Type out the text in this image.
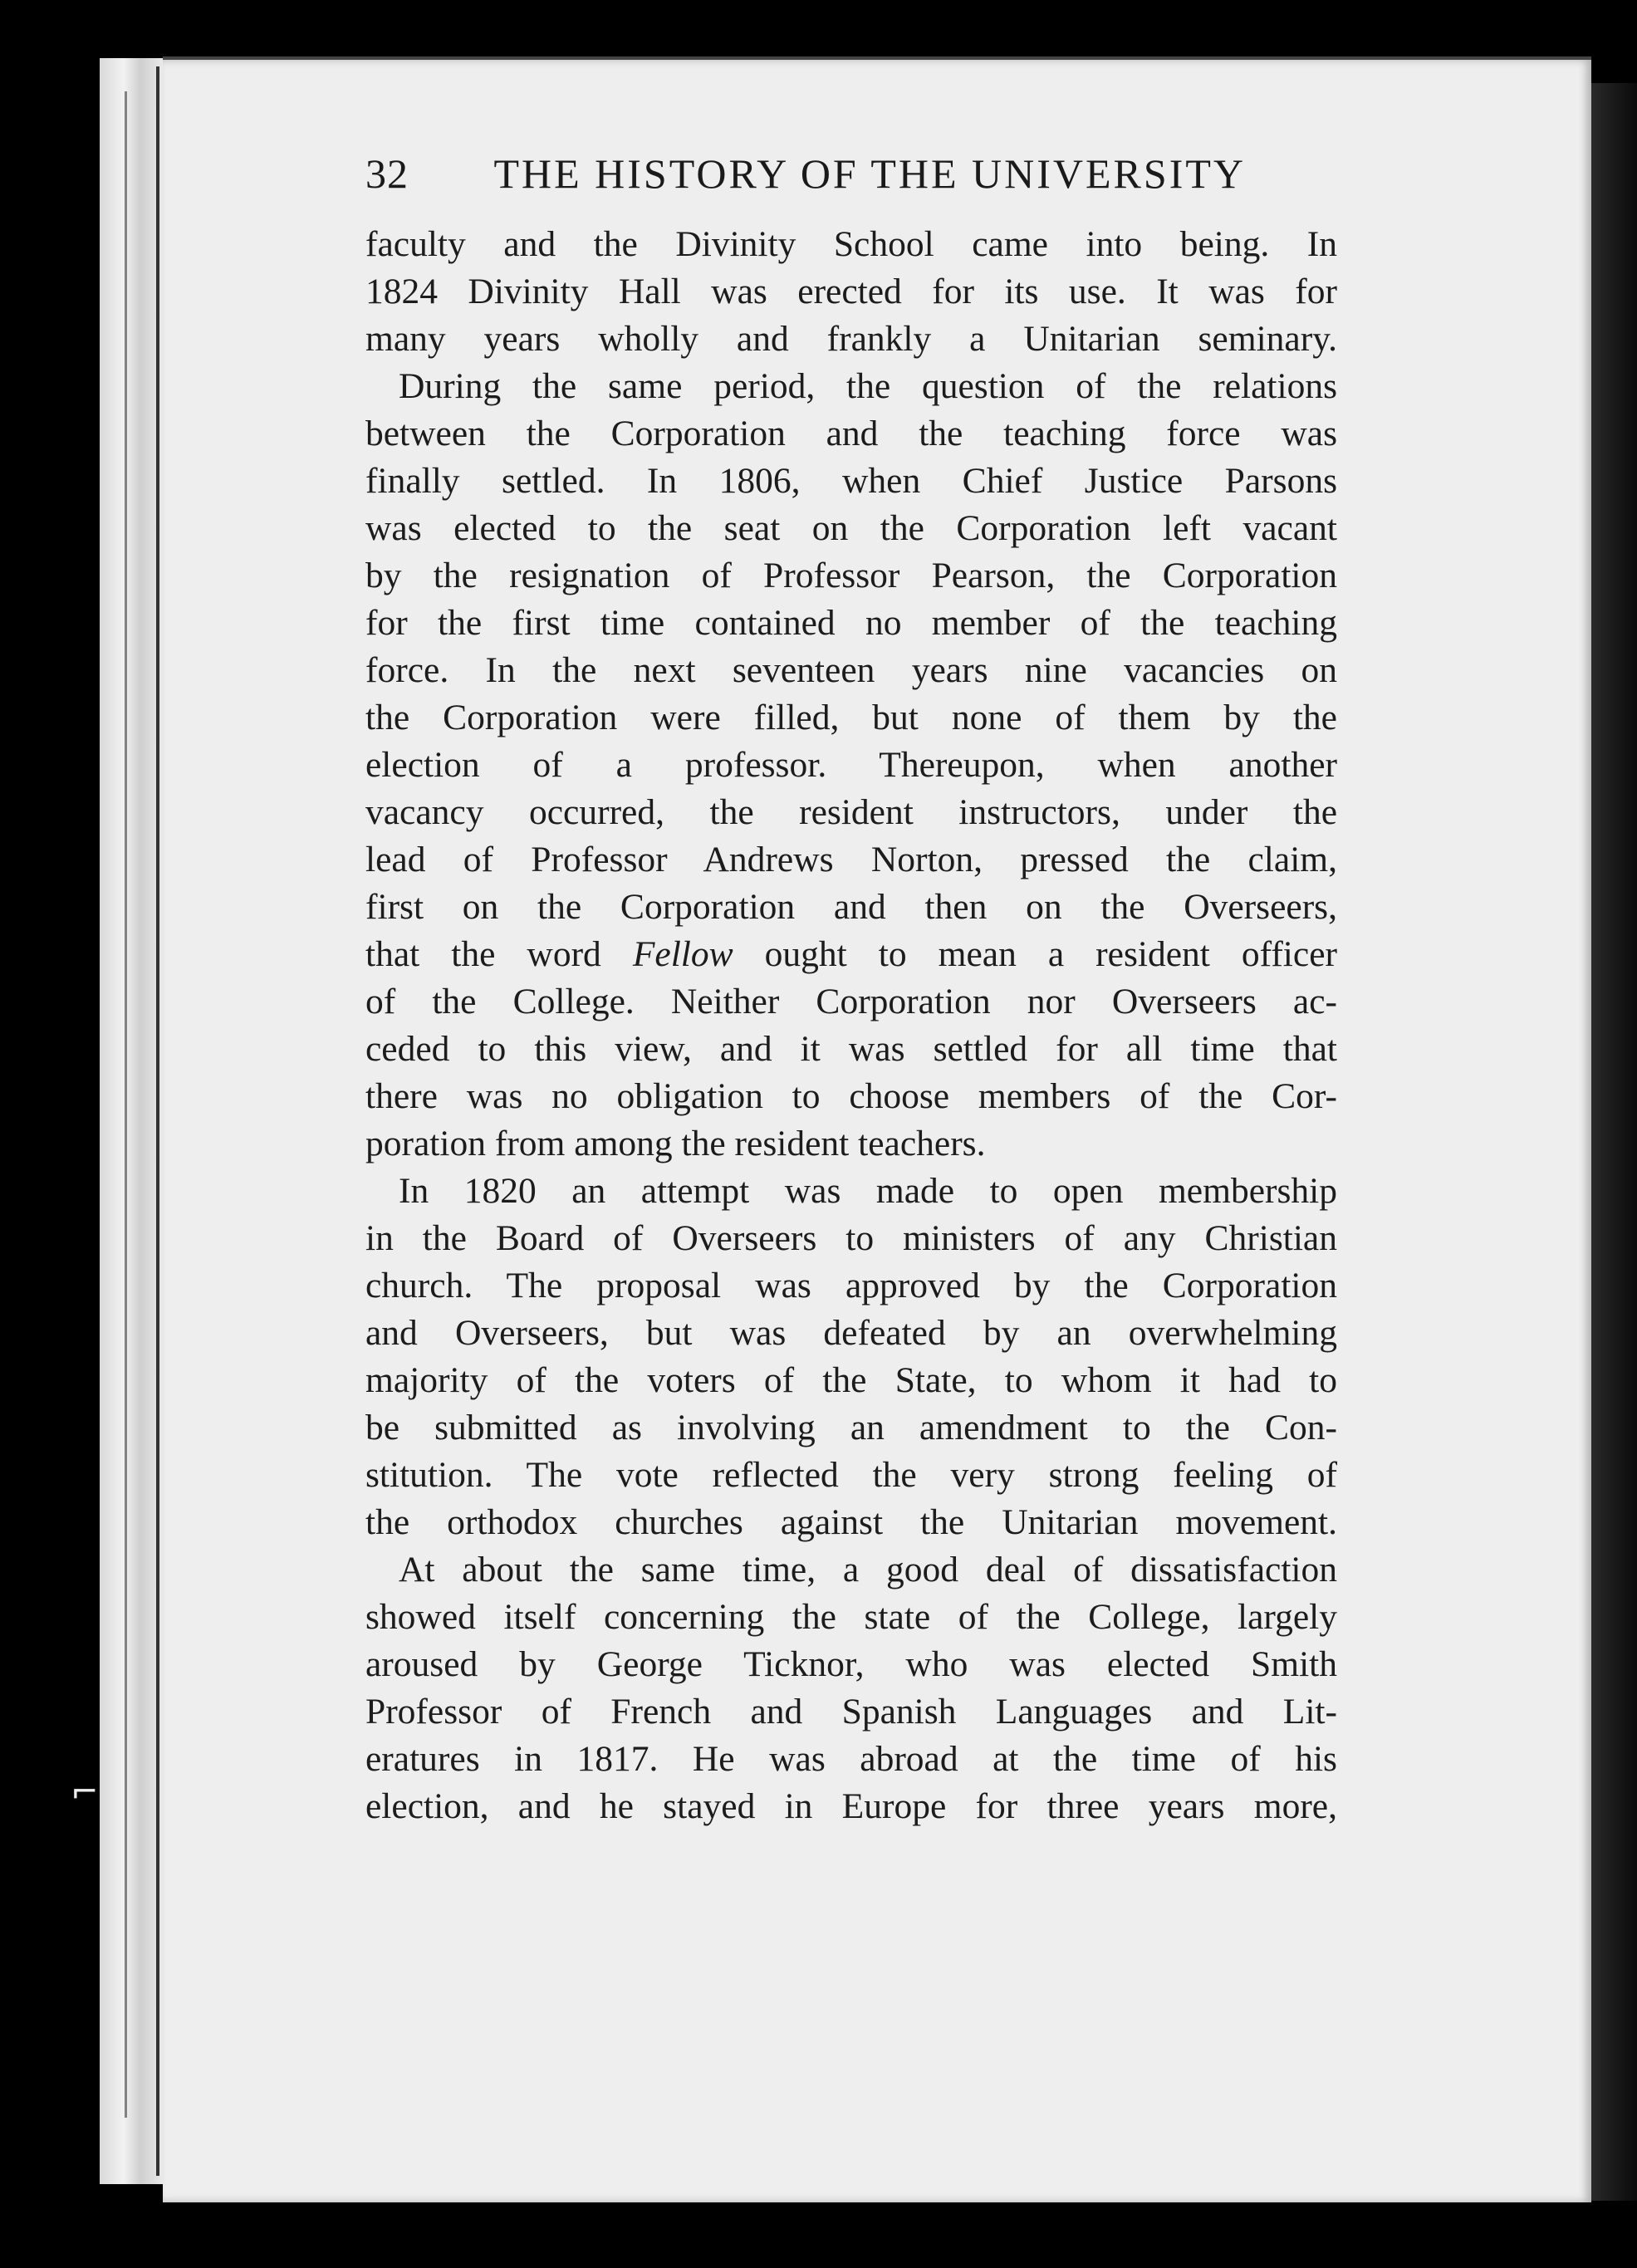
32	THE HISTORY OF THE UNIVERSITY
faculty and the Divinity School came into being. In
1824 Divinity Hall was erected for its use. It was for
many years wholly and frankly a Unitarian seminary.
During the same period, the question of the relations
between the Corporation and the teaching force was
finally settled. In 1806, when Chief Justice Parsons
was elected to the seat on the Corporation left vacant
by the resignation of Professor Pearson, the Corporation
for the first time contained no member of the teaching
force. In the next seventeen years nine vacancies on
the Corporation were filled, but none of them by the
election of a professor. Thereupon, when another
vacancy occurred, the resident instructors, under the
lead of Professor Andrews Norton, pressed the claim,
first on the Corporation and then on the Overseers,
that the word Fellow ought to mean a resident officer
of the College. Neither Corporation nor Overseers ac-
ceded to this view, and it was settled for all time that
there was no obligation to choose members of the Cor-
poration from among the resident teachers.
In 1820 an attempt was made to open membership
in the Board of Overseers to ministers of any Christian
church. The proposal was approved by the Corporation
and Overseers, but was defeated by an overwhelming
majority of the voters of the State, to whom it had to
be submitted as involving an amendment to the Con-
stitution. The vote reflected the very strong feeling of
the orthodox churches against the Unitarian movement.
At about the same time, a good deal of dissatisfaction
showed itself concerning the state of the College, largely
aroused by George Ticknor, who was elected Smith
Professor of French and Spanish Languages and Lit-
eratures in 1817. He was abroad at the time of his
election, and he stayed in Europe for three years more,
⌐
